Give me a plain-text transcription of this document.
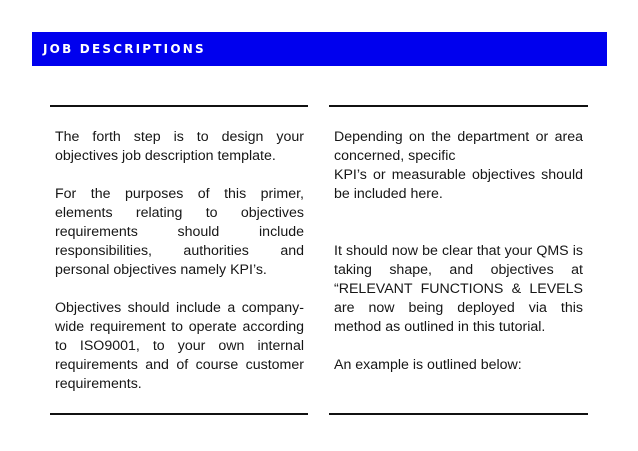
JOB DESCRIPTIONS

The forth step is to design your objectives job description template.

For the purposes of this primer, elements relating to objectives requirements should include responsibilities, authorities and personal objectives namely KPI’s.

Objectives should include a company-wide requirement to operate according to ISO9001, to your own internal requirements and of course customer requirements.

Depending on the department or area concerned, specific

KPI’s or measurable objectives should be included here.

It should now be clear that your QMS is taking shape, and objectives at “RELEVANT FUNCTIONS & LEVELS are now being deployed via this method as outlined in this tutorial.

An example is outlined below:
